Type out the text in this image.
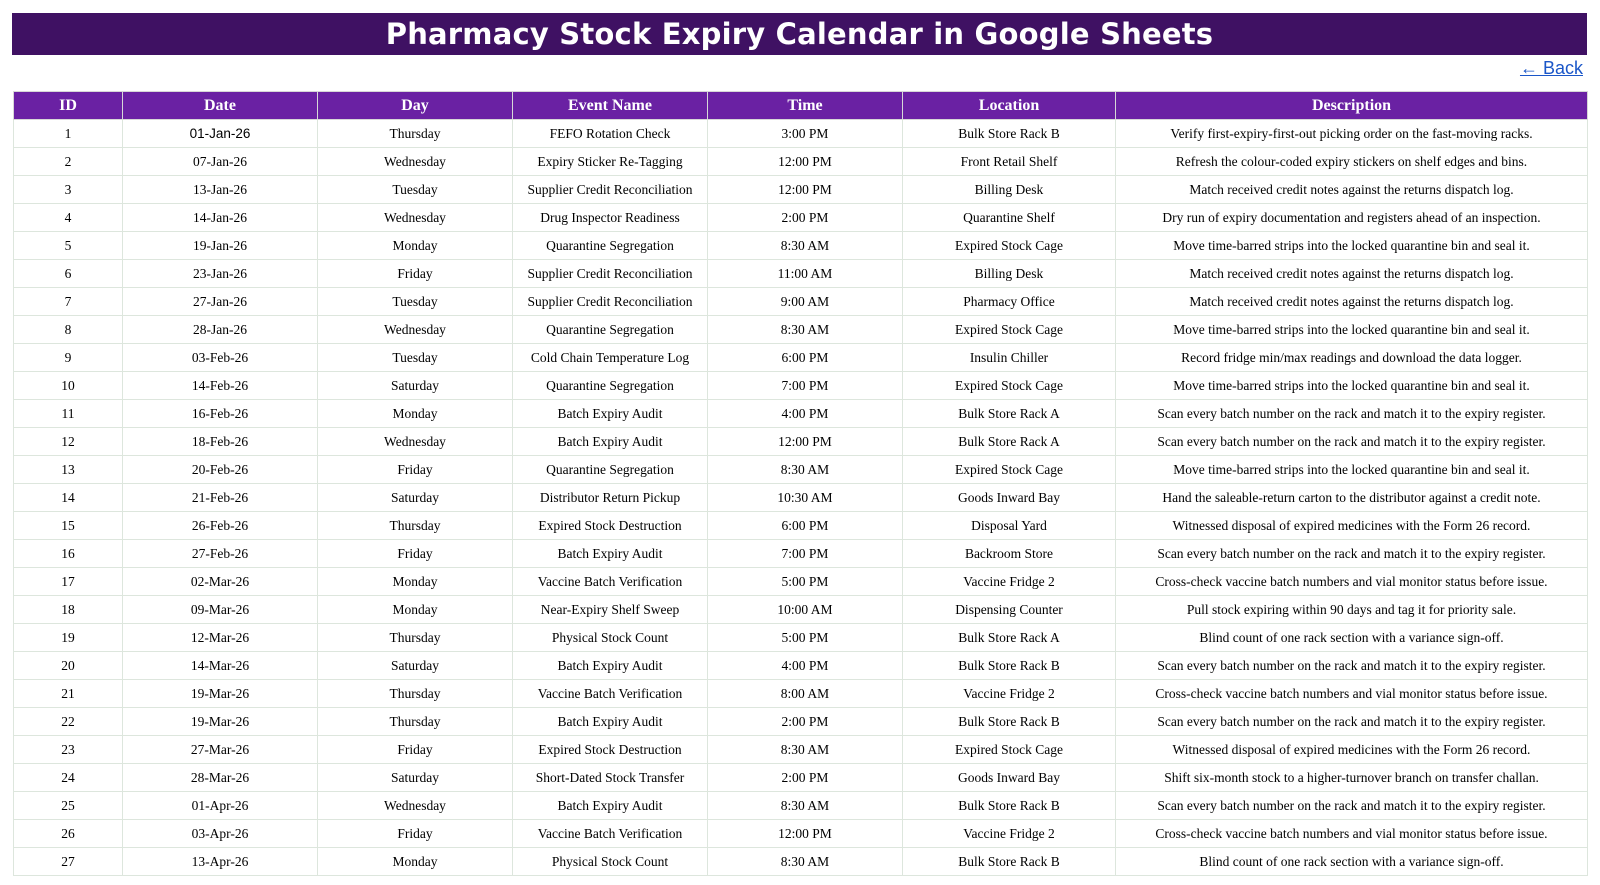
Pharmacy Stock Expiry Calendar in Google Sheets
← Back
ID	Date	Day	Event Name	Time	Location	Description
1	01-Jan-26	Thursday	FEFO Rotation Check	3:00 PM	Bulk Store Rack B	Verify first-expiry-first-out picking order on the fast-moving racks.
2	07-Jan-26	Wednesday	Expiry Sticker Re-Tagging	12:00 PM	Front Retail Shelf	Refresh the colour-coded expiry stickers on shelf edges and bins.
3	13-Jan-26	Tuesday	Supplier Credit Reconciliation	12:00 PM	Billing Desk	Match received credit notes against the returns dispatch log.
4	14-Jan-26	Wednesday	Drug Inspector Readiness	2:00 PM	Quarantine Shelf	Dry run of expiry documentation and registers ahead of an inspection.
5	19-Jan-26	Monday	Quarantine Segregation	8:30 AM	Expired Stock Cage	Move time-barred strips into the locked quarantine bin and seal it.
6	23-Jan-26	Friday	Supplier Credit Reconciliation	11:00 AM	Billing Desk	Match received credit notes against the returns dispatch log.
7	27-Jan-26	Tuesday	Supplier Credit Reconciliation	9:00 AM	Pharmacy Office	Match received credit notes against the returns dispatch log.
8	28-Jan-26	Wednesday	Quarantine Segregation	8:30 AM	Expired Stock Cage	Move time-barred strips into the locked quarantine bin and seal it.
9	03-Feb-26	Tuesday	Cold Chain Temperature Log	6:00 PM	Insulin Chiller	Record fridge min/max readings and download the data logger.
10	14-Feb-26	Saturday	Quarantine Segregation	7:00 PM	Expired Stock Cage	Move time-barred strips into the locked quarantine bin and seal it.
11	16-Feb-26	Monday	Batch Expiry Audit	4:00 PM	Bulk Store Rack A	Scan every batch number on the rack and match it to the expiry register.
12	18-Feb-26	Wednesday	Batch Expiry Audit	12:00 PM	Bulk Store Rack A	Scan every batch number on the rack and match it to the expiry register.
13	20-Feb-26	Friday	Quarantine Segregation	8:30 AM	Expired Stock Cage	Move time-barred strips into the locked quarantine bin and seal it.
14	21-Feb-26	Saturday	Distributor Return Pickup	10:30 AM	Goods Inward Bay	Hand the saleable-return carton to the distributor against a credit note.
15	26-Feb-26	Thursday	Expired Stock Destruction	6:00 PM	Disposal Yard	Witnessed disposal of expired medicines with the Form 26 record.
16	27-Feb-26	Friday	Batch Expiry Audit	7:00 PM	Backroom Store	Scan every batch number on the rack and match it to the expiry register.
17	02-Mar-26	Monday	Vaccine Batch Verification	5:00 PM	Vaccine Fridge 2	Cross-check vaccine batch numbers and vial monitor status before issue.
18	09-Mar-26	Monday	Near-Expiry Shelf Sweep	10:00 AM	Dispensing Counter	Pull stock expiring within 90 days and tag it for priority sale.
19	12-Mar-26	Thursday	Physical Stock Count	5:00 PM	Bulk Store Rack A	Blind count of one rack section with a variance sign-off.
20	14-Mar-26	Saturday	Batch Expiry Audit	4:00 PM	Bulk Store Rack B	Scan every batch number on the rack and match it to the expiry register.
21	19-Mar-26	Thursday	Vaccine Batch Verification	8:00 AM	Vaccine Fridge 2	Cross-check vaccine batch numbers and vial monitor status before issue.
22	19-Mar-26	Thursday	Batch Expiry Audit	2:00 PM	Bulk Store Rack B	Scan every batch number on the rack and match it to the expiry register.
23	27-Mar-26	Friday	Expired Stock Destruction	8:30 AM	Expired Stock Cage	Witnessed disposal of expired medicines with the Form 26 record.
24	28-Mar-26	Saturday	Short-Dated Stock Transfer	2:00 PM	Goods Inward Bay	Shift six-month stock to a higher-turnover branch on transfer challan.
25	01-Apr-26	Wednesday	Batch Expiry Audit	8:30 AM	Bulk Store Rack B	Scan every batch number on the rack and match it to the expiry register.
26	03-Apr-26	Friday	Vaccine Batch Verification	12:00 PM	Vaccine Fridge 2	Cross-check vaccine batch numbers and vial monitor status before issue.
27	13-Apr-26	Monday	Physical Stock Count	8:30 AM	Bulk Store Rack B	Blind count of one rack section with a variance sign-off.
